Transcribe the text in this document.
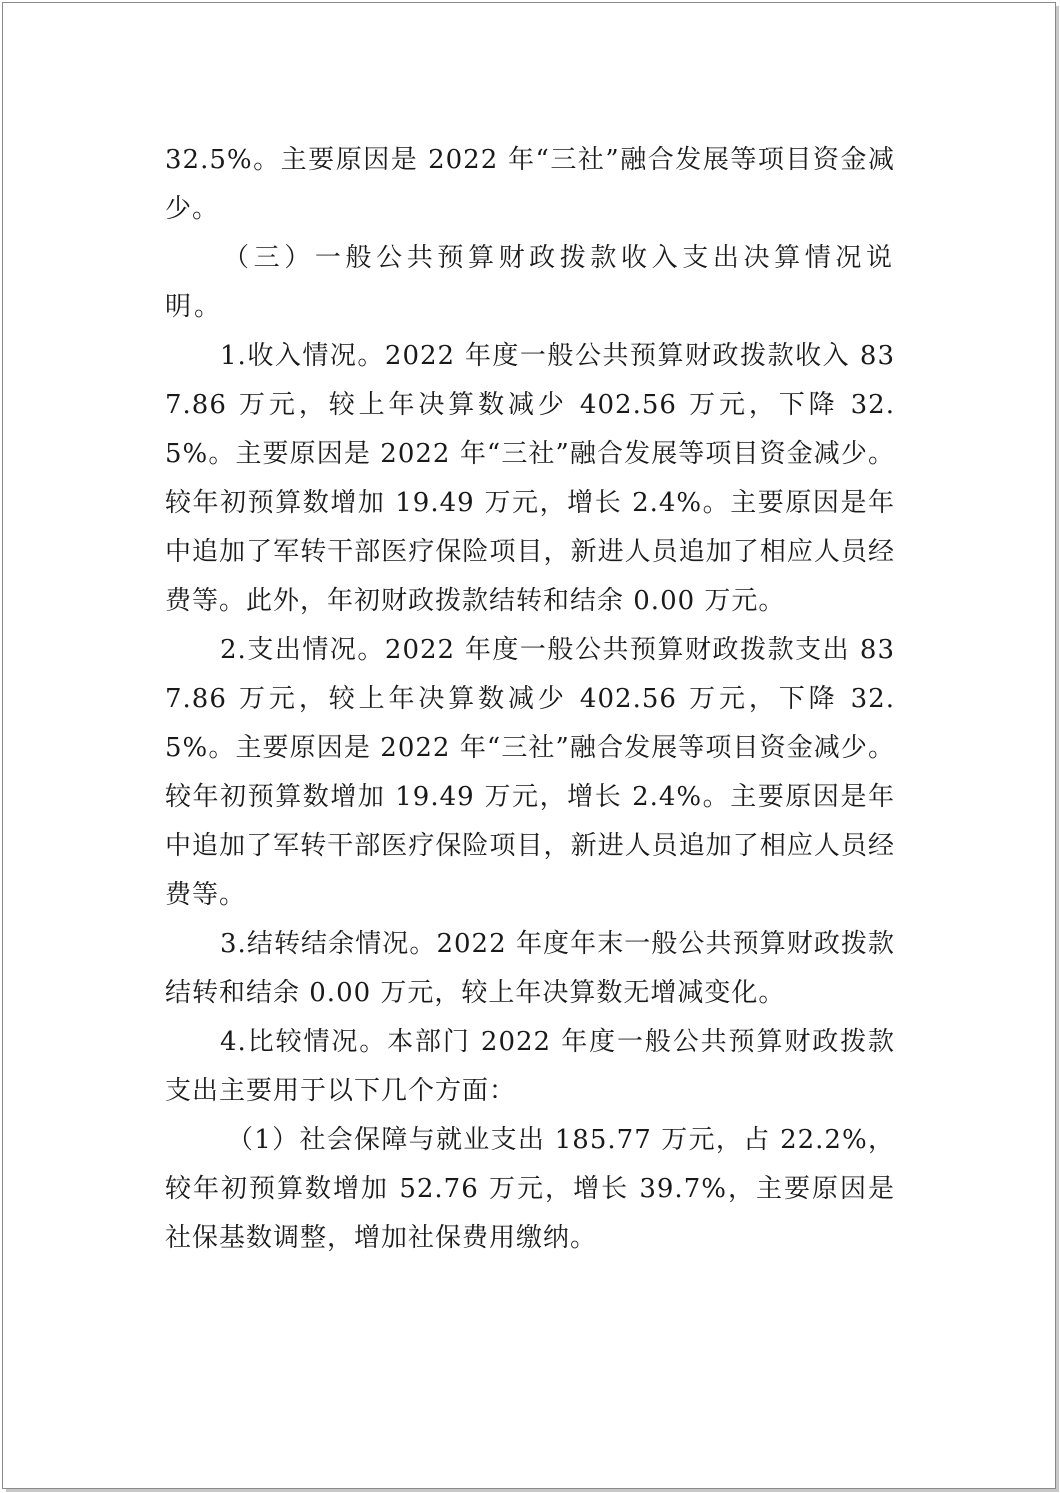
32.5%。主要原因是 2022 年“三社”融合发展等项目资金减少。

（三）一般公共预算财政拨款收入支出决算情况说明。

1.收入情况。2022 年度一般公共预算财政拨款收入 837.86 万元，较上年决算数减少 402.56 万元，下降 32.5%。主要原因是 2022 年“三社”融合发展等项目资金减少。较年初预算数增加 19.49 万元，增长 2.4%。主要原因是年中追加了军转干部医疗保险项目，新进人员追加了相应人员经费等。此外，年初财政拨款结转和结余 0.00 万元。

2.支出情况。2022 年度一般公共预算财政拨款支出 837.86 万元，较上年决算数减少 402.56 万元，下降 32.5%。主要原因是 2022 年“三社”融合发展等项目资金减少。较年初预算数增加 19.49 万元，增长 2.4%。主要原因是年中追加了军转干部医疗保险项目，新进人员追加了相应人员经费等。

3.结转结余情况。2022 年度年末一般公共预算财政拨款结转和结余 0.00 万元，较上年决算数无增减变化。

4.比较情况。本部门 2022 年度一般公共预算财政拨款支出主要用于以下几个方面：

（1）社会保障与就业支出 185.77 万元，占 22.2%，较年初预算数增加 52.76 万元，增长 39.7%，主要原因是社保基数调整，增加社保费用缴纳。
